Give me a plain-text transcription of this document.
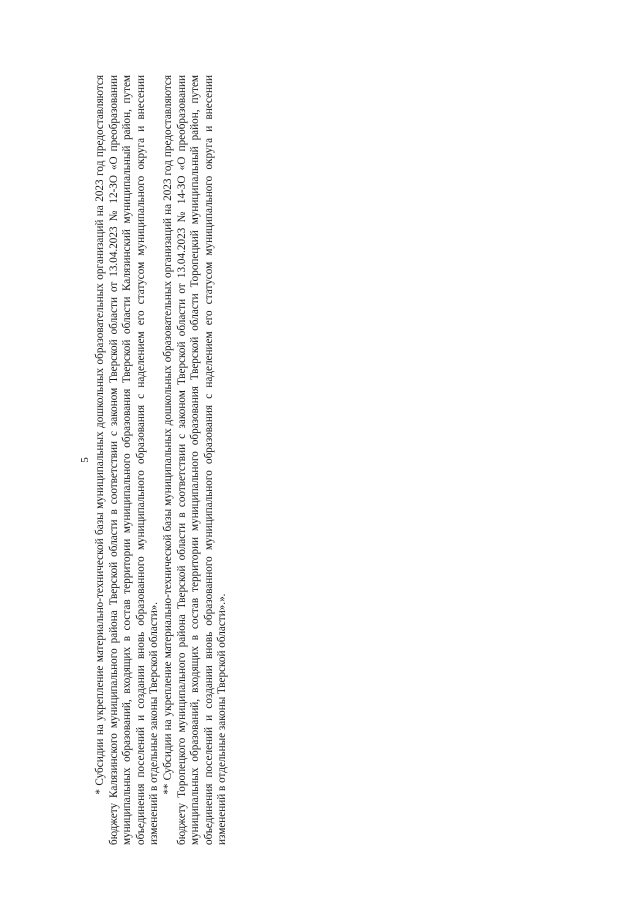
5 * Субсидии на укрепление материально-технической базы муниципальных дошкольных образовательных организаций на 2023 год предоставляются бюджету Калязинского муниципального района Тверской области в соответствии с законом Тверской области от 13.04.2023 № 12-ЗО «О преобразовании муниципальных образований, входящих в состав территории муниципального образования Тверской области Калязинский муниципальный район, путем объединения поселений и создании вновь образованного муниципального образования с наделением его статусом муниципального округа и внесении изменений в отдельные законы Тверской области». ** Субсидии на укрепление материально-технической базы муниципальных дошкольных образовательных организаций на 2023 год предоставляются бюджету Торопецкого муниципального района Тверской области в соответствии с законом Тверской области от 13.04.2023 № 14-ЗО «О преобразовании муниципальных образований, входящих в состав территории муниципального образования Тверской области Торопецкий муниципальный район, путем объединения поселений и создании вновь образованного муниципального образования с наделением его статусом муниципального округа и внесении изменений в отдельные законы Тверской области».».
